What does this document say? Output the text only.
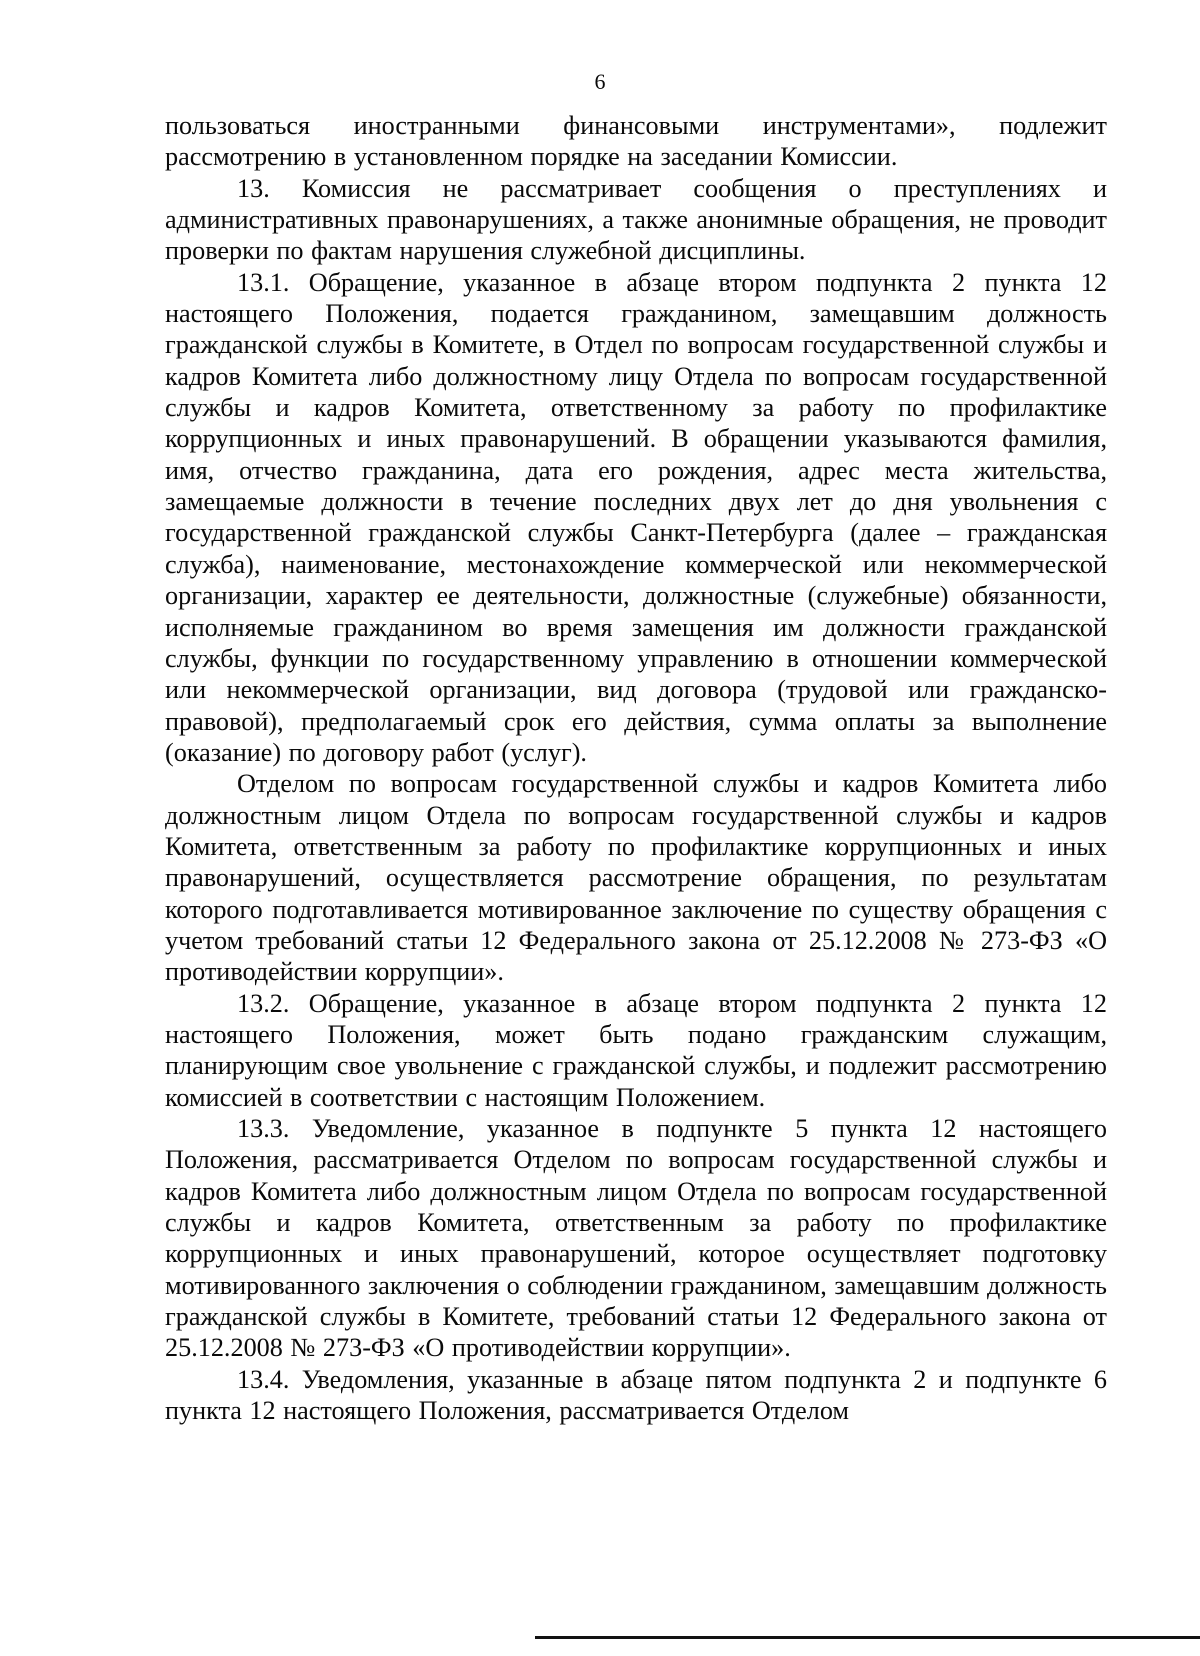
6

пользоваться иностранными финансовыми инструментами», подлежит рассмотрению в установленном порядке на заседании Комиссии.

13. Комиссия не рассматривает сообщения о преступлениях и административных правонарушениях, а также анонимные обращения, не проводит проверки по фактам нарушения служебной дисциплины.

13.1. Обращение, указанное в абзаце втором подпункта 2 пункта 12 настоящего Положения, подается гражданином, замещавшим должность гражданской службы в Комитете, в Отдел по вопросам государственной службы и кадров Комитета либо должностному лицу Отдела по вопросам государственной службы и кадров Комитета, ответственному за работу по профилактике коррупционных и иных правонарушений. В обращении указываются фамилия, имя, отчество гражданина, дата его рождения, адрес места жительства, замещаемые должности в течение последних двух лет до дня увольнения с государственной гражданской службы Санкт-Петербурга (далее – гражданская служба), наименование, местонахождение коммерческой или некоммерческой организации, характер ее деятельности, должностные (служебные) обязанности, исполняемые гражданином во время замещения им должности гражданской службы, функции по государственному управлению в отношении коммерческой или некоммерческой организации, вид договора (трудовой или гражданско-правовой), предполагаемый срок его действия, сумма оплаты за выполнение (оказание) по договору работ (услуг).

Отделом по вопросам государственной службы и кадров Комитета либо должностным лицом Отдела по вопросам государственной службы и кадров Комитета, ответственным за работу по профилактике коррупционных и иных правонарушений, осуществляется рассмотрение обращения, по результатам которого подготавливается мотивированное заключение по существу обращения с учетом требований статьи 12 Федерального закона от 25.12.2008 № 273-ФЗ «О противодействии коррупции».

13.2. Обращение, указанное в абзаце втором подпункта 2 пункта 12 настоящего Положения, может быть подано гражданским служащим, планирующим свое увольнение с гражданской службы, и подлежит рассмотрению комиссией в соответствии с настоящим Положением.

13.3. Уведомление, указанное в подпункте 5 пункта 12 настоящего Положения, рассматривается Отделом по вопросам государственной службы и кадров Комитета либо должностным лицом Отдела по вопросам государственной службы и кадров Комитета, ответственным за работу по профилактике коррупционных и иных правонарушений, которое осуществляет подготовку мотивированного заключения о соблюдении гражданином, замещавшим должность гражданской службы в Комитете, требований статьи 12 Федерального закона от 25.12.2008 № 273-ФЗ «О противодействии коррупции».

13.4. Уведомления, указанные в абзаце пятом подпункта 2 и подпункте 6 пункта 12 настоящего Положения, рассматривается Отделом
